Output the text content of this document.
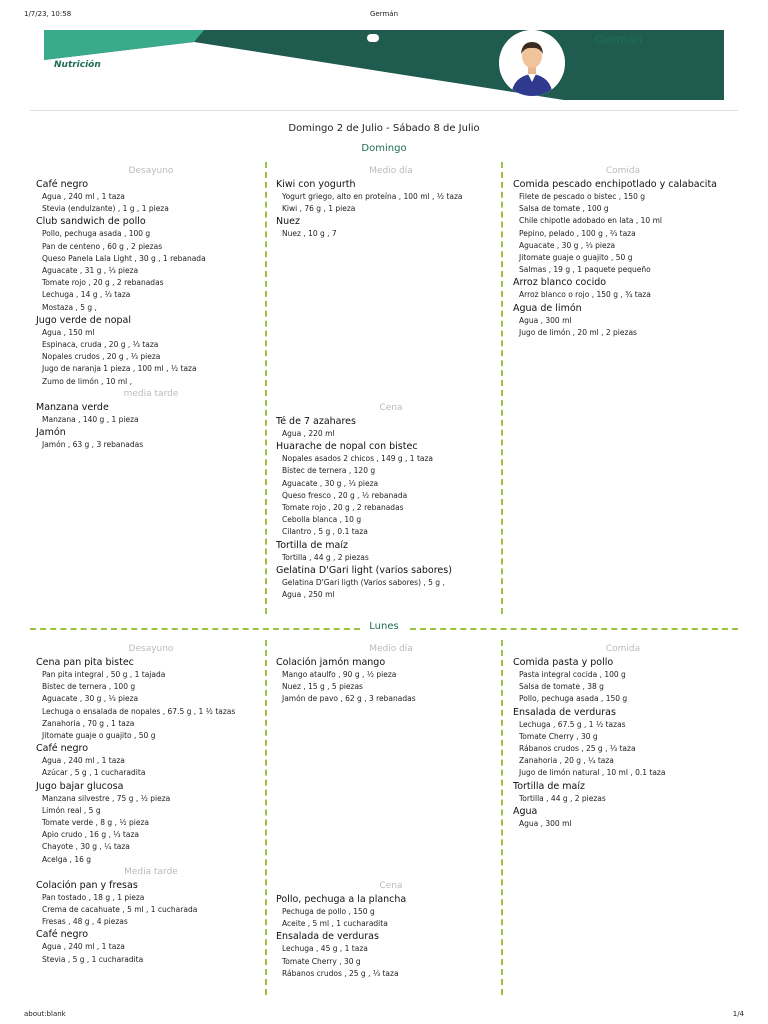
1/7/23, 10:58	Germán
Nutrición
Germán
Domingo 2 de Julio - Sábado 8 de Julio
Domingo
Desayuno
Café negro
Agua , 240 ml , 1 taza
Stevia (endulzante) , 1 g , 1 pieza
Club sandwich de pollo
Pollo, pechuga asada , 100 g
Pan de centeno , 60 g , 2 piezas
Queso Panela Lala Light , 30 g , 1 rebanada
Aguacate , 31 g , ⅓ pieza
Tomate rojo , 20 g , 2 rebanadas
Lechuga , 14 g , ⅓ taza
Mostaza , 5 g ,
Jugo verde de nopal
Agua , 150 ml
Espinaca, cruda , 20 g , ⅓ taza
Nopales crudos , 20 g , ⅓ pieza
Jugo de naranja 1 pieza , 100 ml , ½ taza
Zumo de limón , 10 ml ,
media tarde
Manzana verde
Manzana , 140 g , 1 pieza
Jamón
Jamón , 63 g , 3 rebanadas
Medio día
Kiwi con yogurth
Yogurt griego, alto en proteína , 100 ml , ½ taza
Kiwi , 76 g , 1 pieza
Nuez
Nuez , 10 g , 7
Cena
Té de 7 azahares
Agua , 220 ml
Huarache de nopal con bistec
Nopales asados 2 chicos , 149 g , 1 taza
Bistec de ternera , 120 g
Aguacate , 30 g , ⅓ pieza
Queso fresco , 20 g , ½ rebanada
Tomate rojo , 20 g , 2 rebanadas
Cebolla blanca , 10 g
Cilantro , 5 g , 0.1 taza
Tortilla de maíz
Tortilla , 44 g , 2 piezas
Gelatina D'Gari light (varios sabores)
Gelatina D'Gari ligth (Varios sabores) , 5 g ,
Agua , 250 ml
Comida
Comida pescado enchipotlado y calabacita
Filete de pescado o bistec , 150 g
Salsa de tomate , 100 g
Chile chipotle adobado en lata , 10 ml
Pepino, pelado , 100 g , ⅔ taza
Aguacate , 30 g , ⅓ pieza
Jitomate guaje o guajito , 50 g
Salmas , 19 g , 1 paquete pequeño
Arroz blanco cocido
Arroz blanco o rojo , 150 g , ¾ taza
Agua de limón
Agua , 300 ml
Jugo de limón , 20 ml , 2 piezas
Lunes
Desayuno
Cena pan pita bistec
Pan pita integral , 50 g , 1 tajada
Bistec de ternera , 100 g
Aguacate , 30 g , ⅓ pieza
Lechuga o ensalada de nopales , 67.5 g , 1 ½ tazas
Zanahoria , 70 g , 1 taza
Jitomate guaje o guajito , 50 g
Café negro
Agua , 240 ml , 1 taza
Azúcar , 5 g , 1 cucharadita
Jugo bajar glucosa
Manzana silvestre , 75 g , ½ pieza
Limón real , 5 g
Tomate verde , 8 g , ½ pieza
Apio crudo , 16 g , ⅓ taza
Chayote , 30 g , ¼ taza
Acelga , 16 g
Media tarde
Colación pan y fresas
Pan tostado , 18 g , 1 pieza
Crema de cacahuate , 5 ml , 1 cucharada
Fresas , 48 g , 4 piezas
Café negro
Agua , 240 ml , 1 taza
Stevia , 5 g , 1 cucharadita
Medio día
Colación jamón mango
Mango ataulfo , 90 g , ½ pieza
Nuez , 15 g , 5 piezas
Jamón de pavo , 62 g , 3 rebanadas
Cena
Pollo, pechuga a la plancha
Pechuga de pollo , 150 g
Aceite , 5 ml , 1 cucharadita
Ensalada de verduras
Lechuga , 45 g , 1 taza
Tomate Cherry , 30 g
Rábanos crudos , 25 g , ⅓ taza
Comida
Comida pasta y pollo
Pasta integral cocida , 100 g
Salsa de tomate , 38 g
Pollo, pechuga asada , 150 g
Ensalada de verduras
Lechuga , 67.5 g , 1 ½ tazas
Tomate Cherry , 30 g
Rábanos crudos , 25 g , ⅓ taza
Zanahoria , 20 g , ¼ taza
Jugo de limón natural , 10 ml , 0.1 taza
Tortilla de maíz
Tortilla , 44 g , 2 piezas
Agua
Agua , 300 ml
about:blank	1/4
